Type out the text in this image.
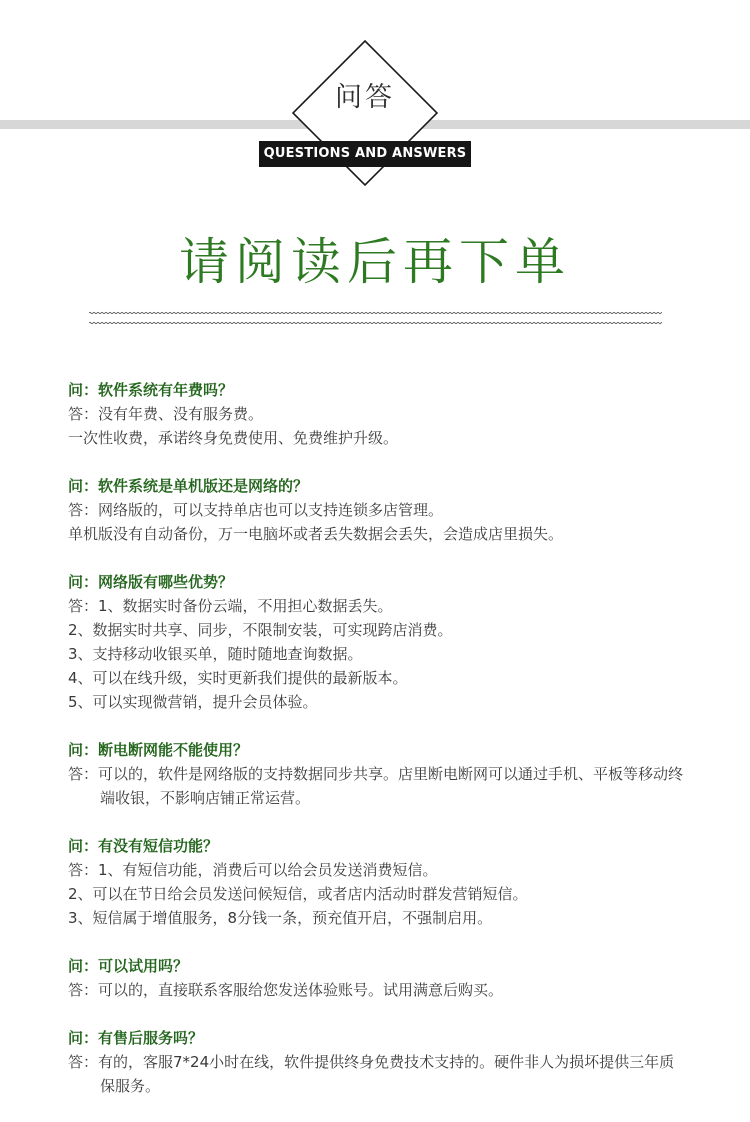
问答
QUESTIONS AND ANSWERS
请阅读后再下单
问：软件系统有年费吗？
答：没有年费、没有服务费。
一次性收费，承诺终身免费使用、免费维护升级。
问：软件系统是单机版还是网络的？
答：网络版的，可以支持单店也可以支持连锁多店管理。
单机版没有自动备份，万一电脑坏或者丢失数据会丢失，会造成店里损失。
问：网络版有哪些优势？
答：1、数据实时备份云端，不用担心数据丢失。
2、数据实时共享、同步，不限制安装，可实现跨店消费。
3、支持移动收银买单，随时随地查询数据。
4、可以在线升级，实时更新我们提供的最新版本。
5、可以实现微营销，提升会员体验。
问：断电断网能不能使用？
答：可以的，软件是网络版的支持数据同步共享。店里断电断网可以通过手机、平板等移动终端收银，不影响店铺正常运营。
问：有没有短信功能？
答：1、有短信功能，消费后可以给会员发送消费短信。
2、可以在节日给会员发送问候短信，或者店内活动时群发营销短信。
3、短信属于增值服务，8分钱一条，预充值开启，不强制启用。
问：可以试用吗？
答：可以的，直接联系客服给您发送体验账号。试用满意后购买。
问：有售后服务吗？
答：有的，客服7*24小时在线，软件提供终身免费技术支持的。硬件非人为损坏提供三年质保服务。
